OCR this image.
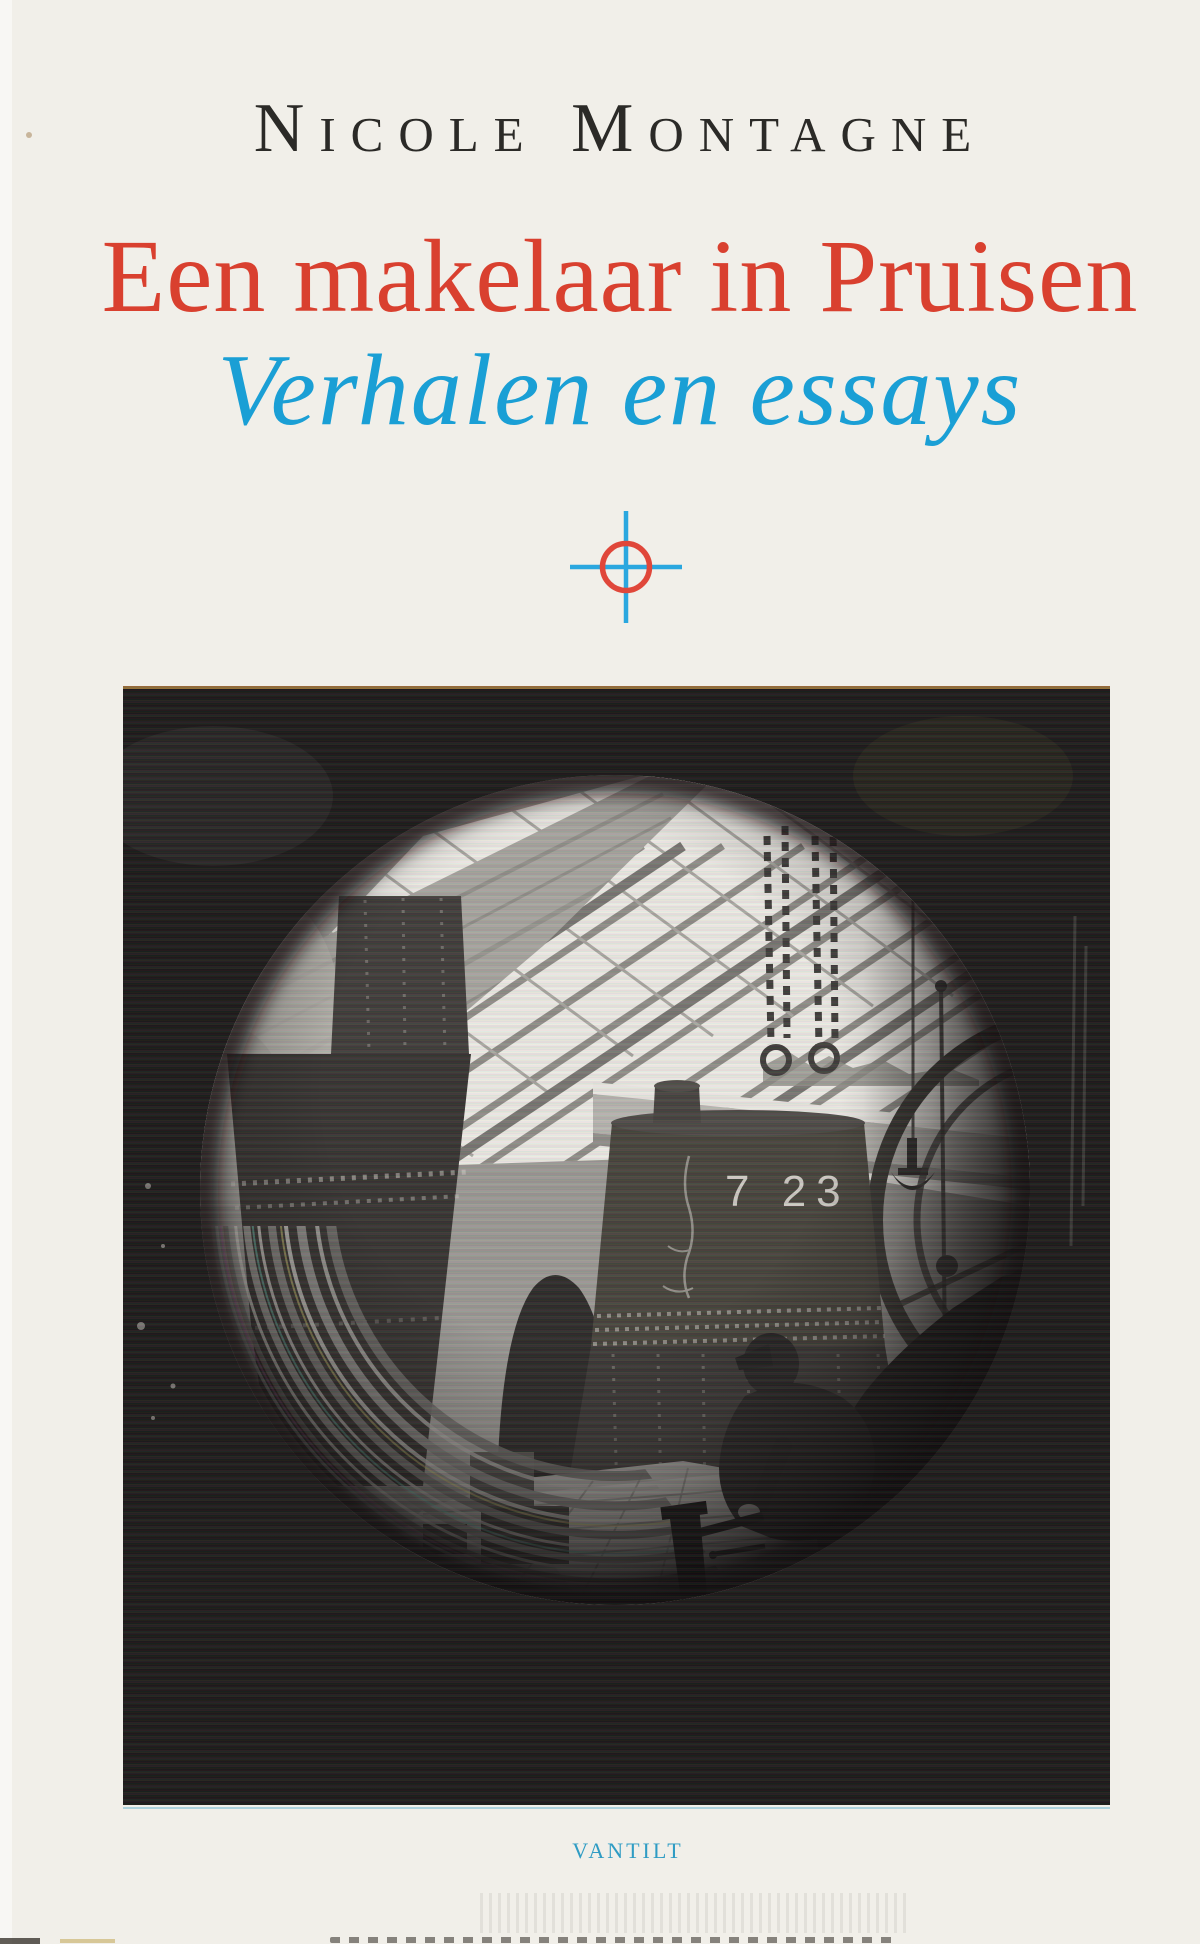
Nicole Montagne
Een makelaar in Pruisen
Verhalen en essays
VANTILT
